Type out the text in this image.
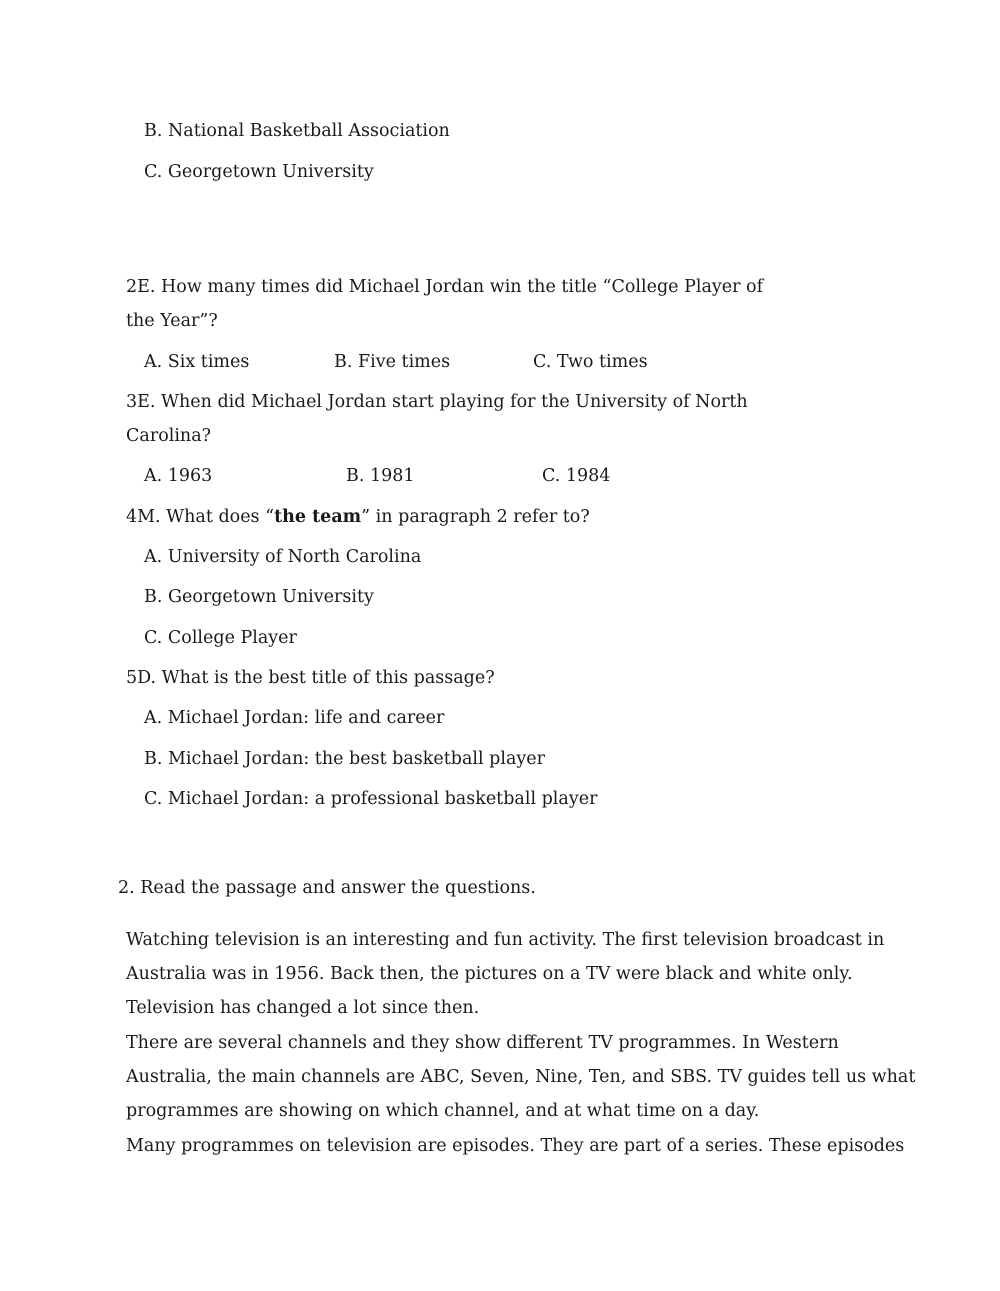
B. National Basketball Association
C. Georgetown University
2E. How many times did Michael Jordan win the title “College Player of
the Year”?
A. Six times	B. Five times	C. Two times
3E. When did Michael Jordan start playing for the University of North
Carolina?
A. 1963	B. 1981	C. 1984
4M. What does “the team” in paragraph 2 refer to?
A. University of North Carolina
B. Georgetown University
C. College Player
5D. What is the best title of this passage?
A. Michael Jordan: life and career
B. Michael Jordan: the best basketball player
C. Michael Jordan: a professional basketball player
2. Read the passage and answer the questions.
Watching television is an interesting and fun activity. The first television broadcast in
Australia was in 1956. Back then, the pictures on a TV were black and white only.
Television has changed a lot since then.
There are several channels and they show different TV programmes. In Western
Australia, the main channels are ABC, Seven, Nine, Ten, and SBS. TV guides tell us what
programmes are showing on which channel, and at what time on a day.
Many programmes on television are episodes. They are part of a series. These episodes
